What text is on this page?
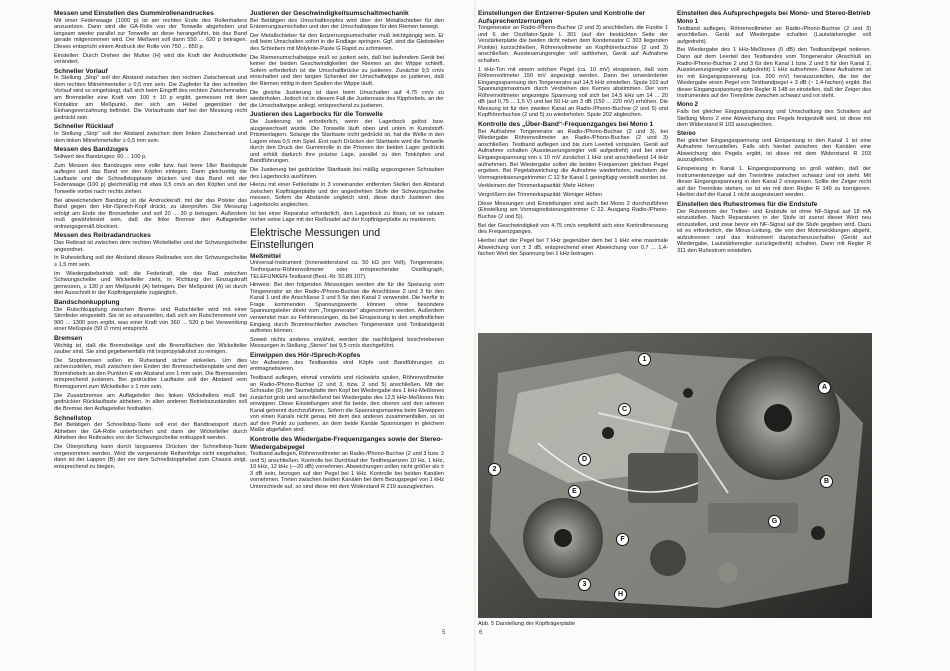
Messen und Einstellen des Gummirollenandruckes

Mit einer Federwaage (1000 p) ist am rechten Ende des Rollenhalters anzusetzen. Dann wird die GA-Rolle von der Tonwelle abgehoben und langsam wieder parallel zur Tonwelle an diese herangeführt, bis das Band gerade mitgenommen wird. Der Meßwert soll dann 550 ... 620 p betragen. Dieses entspricht einem Andruck der Rolle von 750 ... 850 p.

Einstellen: Durch Drehen der Mutter (H) wird die Kraft der Andruckfeder verändert.

Schneller Vorlauf

In Stellung „Stop“ soll der Abstand zwischen den rechten Zwischenrad und dem rechten Mitnehmerteller ≥ 0,5 mm sein. Die Zugfeder für den schnellen Vorlauf wird so eingehängt, daß sich beim Eingriff des rechten Zwischenrades am Bremsteller eine Kraft von 100 ± 10 p ergibt, gemessen mit dem Kontaktor am Meßpunkt, der sich am Hebel gegenüber der Einhangeverzahnung befindet. Die Vorlaufraste darf bei der Messung nicht gedrückt sein.

Schneller Rücklauf

In Stellung „Stop“ soll der Abstand zwischen dem linken Zwischenrad und dem linken Mitnehmerteller ≥ 0,5 mm sein.

Messen des Bandzuges

Sollwert des Bandzuges: 60 ... 100 p.

Zum Messen des Bandzuges eine volle bzw. fast leere 18er Bandspule auflegen und das Band vor den Köpfen einlegen. Dann gleichzeitig die Lauftaste und die Schnellstopptaste drücken und das Band mit der Federwaage (100 p) gleichmäßig mit etwa 9,5 cm/s an den Köpfen und der Tonwelle vorbei nach rechts ziehen.

Bei abweichendem Bandzug ist die Andruckkraft, mit der das Polster das Band gegen den Hör-/Sprech-Kopf drückt, zu überprüfen. Die Messung erfolgt am Ende der Bronzefeder und soll 20 ... 30 p betragen. Außerdem muß gewährleistet sein, daß die linke Bremse den Auflageteller ordnungsgemäß blockiert.

Messen des Reibradandruckes

Das Reibrad ist zwischen dem rechten Wickelteller und der Schwungscheibe angeordnet.

In Ruhestellung soll der Abstand dieses Reibrades von der Schwungscheibe ≥ 1,5 mm sein.

Im Wiedergabebetrieb soll die Federkraft, die das Rad zwischen Schwungscheibe und Wickelteller zieht, in Richtung der Einzugskraft gemessen, ≥ 130 p am Meßpunkt (A) betragen. Der Meßpunkt (A) ist durch den Ausschnitt in der Kopfträgerplatte zugänglich.

Bandschonkupplung

Die Rutschkupplung zwischen Brems- und Rutschteller wird mit einer Stirnfeder eingestellt. Sie ist so einzustellen, daß sich ein Rutschmoment von 900 ... 1300 pcm ergibt, was einer Kraft von 360 ... 520 p bei Verwendung einer Meßspule (50 ∅ mm) entspricht.

Bremsen

Wichtig ist, daß die Bremsbeläge und die Bremsflächen der Wickelteller sauber sind. Sie sind gegebenenfalls mit Isopropylalkohol zu reinigen.

Die Stopbremsen sollen im Ruhestand sicher einkeilen. Um dies sicherzustellen, muß zwischen den Enden der Bremsscheibenplatte und den Bremshebeln an den Punkten E ein Abstand von 1 mm sein. Die Bremsenden entsprechend justieren. Bei gedrückter Lauftaste soll der Abstand vom Bremsgummi zum Wickelteller ≥ 1 mm sein.

Die Zusatzbremse am Auflageteller des linken Wickeltellers muß bei gedrückter Rücklauftaste abheben. In allen anderen Betriebszuständen soll die Bremse den Auflageteller festhalten.

Schnellstop

Bei Betätigen der Schnellstop-Taste soll erst der Bandtransport durch Abheben der GA-Rolle unterbrochen und dann der Wickelteller durch Abheben des Reibrades von der Schwungscheibe entkuppelt werden.

Die Überprüfung kann durch langsames Drücken der Schnellstop-Taste vorgenommen werden. Wird die vorgenannte Reihenfolge nicht eingehalten, dann ist der Lappen (B) der vor dem Schnellstopphebel zum Chassis zeigt, entsprechend zu biegen.

Justieren der Geschwindigkeitsumschaltmechanik

Bei Betätigen des Umschaltknopfes wird über der Metallschieber für den Entzerrungsumschalter und den der Umschaltwippe für den Riemen bewegt.

Der Metallschieber für den Entzerrungsumschalter muß leichtgängig sein. Er soll beim Umschalten sofort in die Endlage springen. Ggf. sind die Gleitstellen des Schiebers mit Molykote-Paste G Rapid zu schmieren.

Die Riemenumschaltwippe muß so justiert sein, daß bei laufendem Gerät bei keiner der beiden Geschwindigkeiten der Riemen an der Wippe schleift. Sofern erforderlich ist die Umschaltbrücke zu justieren. Zunächst 9,5 cm/s einschalten und den langen Schenkel der Umschaltwippe so justieren, daß der Riemen mittig in dem Spalten der Wippe läuft.

Die gleiche Justierung ist dann beim Umschalten auf 4,75 cm/s zu wiederholen. Jedoch ist in diesem Fall die Justiernase des Kipphebels, an der die Umschaltwippe anliegt, entsprechend zu justieren.

Justieren des Lagerbocks für die Tonwelle

Die Justierung ist erforderlich, wenn der Lagerbock gelöst bzw. ausgewechselt wurde. Die Tonwelle läuft oben und unten in Kunststoff-Prismenlagern. Solange die Starttaste nicht gedrückt ist, hat die Welle in den Lagern etwa 0,5 mm Spiel. Erst nach Drücken der Starttaste wird die Tonwelle durch den Druck der Gummirolle in die Prismen der beiden Lager gedrückt und erhält dadurch ihre präzise Lage, parallel zu den Tonköpfen und Bandführungen.

Die Justierung bei gedrückter Starttaste bei mäßig angezogenen Schrauben des Lagerbocks ausführen.

Hierzu mit einer Fehlerlatte in 3 voneinander entfernten Stellen den Abstand zwischen Kopfträgerplatte und der angedrehten Stufe der Schwungscheibe messen. Sofern die Abstände ungleich sind, diese durch Justieren des Lagerbocks angleichen.

Ist bei einer Reparatur erforderlich, den Lagerbock zu lösen, ist es ratsam vorher seine Lage mit der Reißnadel auf der Kopfträgerplatte zu markieren.

Elektrische Messungen und Einstellungen
Meßmittel

Universal-Instrument (Innenwiderstand ca. 50 kΩ pro Volt), Tongenerator, Tonfrequenz-Röhrenvoltmeter oder entsprechender Oszillograph, TELEFUNKEN-Testband (Best.-Nr. 50.89.107).

Hinweis: Bei den folgenden Messungen werden die für die Speisung vom Tongenerator an der Radio-/Phono-Buchse die Anschlüsse 2 und 3 für den Kanal 1 und die Anschlüsse 2 und 5 für den Kanal 2 verwendet. Die hierfür in Frage kommenden Spannungswerte können ohne besondere Spannungsteiler direkt vom „Tongenerator“ abgenommen werden. Außerdem verwendet man zu Fehlmessungen, da bei Einspeisung in den empfindlichen Eingang durch Brummschleifen zwischen Tongenerator und Tonbandgerät auftreten können.

Soweit nichts anderes erwähnt, werden die nachfolgend beschriebenen Messungen in Stellung „Stereo“ bei 9,5 cm/s durchgeführt.

Einwippen des Hör-/Sprech-Kopfes

Vor Aufsetzen des Testbandes sind Köpfe und Bandführungen zu entmagnetisieren.

Testband auflegen, einmal vorwärts und rückwärts spulen, Röhrenvoltmeter an Radio-/Phono-Buchse (2 und 3, bzw. 2 und 5) anschließen. Mit der Schraube (D) der Taumelplatte den Kopf bei Wiedergabe des 1 kHz-Meßtones zunächst grob und anschließend bei Wiedergabe des 12,5 kHz-Meßtones fein einwippen. Diese Einstellungen sind für beide, den oberen und den unteren Kanal getrennt durchzuführen. Sofern die Spannungsmaxima beim Einwippen von einen Kanals nicht genau mit dem des anderen zusammenfallen, so ist auf den Punkt zu justieren, an dem beide Kanäle Spannungen in gleichem Maße abgefallen sind.

Kontrolle des Wiedergabe-Frequenzganges sowie der Stereo-Wiedergabepegel

Testband auflegen, Röhrenvoltmeter an Radio-/Phono-Buchse (2 und 3 bzw. 2 und 5) anschließen. Kontrolle bei Durchlauf der Testfrequenzen 10 Hz, 1 kHz, 10 kHz, 12 kHz (—20 dB) vornehmen. Abweichungen sollen nicht größer als ± 3 dB sein, bezogen auf den Pegel bei 1 kHz. Kontrolle bei beiden Kanälen vornehmen. Treten zwischen beiden Kanälen bei dem Bezugspegel von 1 kHz Unterschiede auf, so sind diese mit dem Widerstand R 219 auszugleichen.

Einstellungen der Entzerrer-Spulen und Kontrolle der Aufsprechentzerrungen

Tongenerator an Radio-/Phono-Buchse (2 und 3) anschließen, die Funkte 1 und 6 der Oszillator-Spule L 301 (auf der bestückten Seite der Verstärkerplatte die beiden dicht neben dem Kondensator C 303 liegenden Punkte) kurzschließen, Röhrenvoltmeter an Kopfhörerbuchse (2 und 3) anschließen. Aussteuerungsregler voll aufdrehen, Gerät auf Aufnahme schalten.

1 kHz-Ton mit einem solchen Pegel (ca. 10 mV) einspeisen, daß vom Röhrenvoltmeter 150 mV angezeigt werden. Dann bei unveränderter Eingangsspannung den Tongenerator auf 14,5 kHz einstellen. Spule 102 auf Spannungsmaximum durch Verdrehen des Kernes abstimmen. Der vom Röhrenvoltmeter angezeigte Spannung soll sich bei 14,5 kHz um 14 ... 20 dB (auf 0,75 ... 1,5 V) und bei 50 Hz um 3 dB (150 ... 220 mV) erhöhen. Die Messung ist für den zweiten Kanal an Radio-/Phono-Buchse (2 und 5) und Kopfhörerbuchse (2 und 5) zu wiederholen. Spule 202 abgleichen.

Kontrolle des „Über-Band“-Frequenzganges bei Mono 1

Bei Aufnahme Tongenerator an Radio-/Phono-Buchse (2 und 3), bei Wiedergabe Röhrenvoltmeter an Radio-/Phono-Buchse (2 und 3) anschließen. Testband auflegen und bis zum Leerteil vorspulen. Gerät auf Aufnahme schalten (Aussteuerungsregler voll aufgedreht) und bei einer Eingangsspannung von ≤ 10 mV zunächst 1 kHz und anschließend 14 kHz aufnehmen. Bei Wiedergabe sollen die beiden Frequenzen gleichen Pegel ergeben. Bei Pegelabweichung die Aufnahme wiederholen, nachdem der Vormagnetisierungstrimmer C 12 für Kanal 1 geringfügig verstellt worden ist.

Verkleinern der Trimmerkapazität: Mehr Höhen

Vergrößern der Trimmerkapazität: Weniger Höhen

Diese Messungen und Einstellungen sind auch bei Mono 2 durchzuführen (Einstellung am Vormagnetisierungstrimmer C 22. Ausgang Radio-/Phono-Buchse (2 und 5)).

Bei der Geschwindigkeit von 4,75 cm/s empfiehlt sich eine Kontrollmessung des Frequenzganges.

Hierbei darf der Pegel bei 7 kHz gegenüber dem bei 1 kHz eine maximale Abweichung von ± 3 dB, entsprechend einer Abweichung von 0,7 ... 1,4-fachen Wert der Spannung bei 1 kHz betragen.

Einstellen des Aufsprechpegels bei Mono- und Stereo-Betrieb
Mono 1

Testband auflegen, Röhrenvoltmeter an Radio-/Phono-Buchse (2 und 3) anschließen. Gerät auf Wiedergabe schalten (Lautstärkeregler voll aufgedreht).

Bei Wiedergabe des 1 kHz-Meßtones (0 dB) den Testbandpegel notieren. Dann auf dem Leerteil des Testbandes vom Tongenerator (Anschluß an Radio-/Phono-Buchse 2 und 3 für den Kanal 1 bzw. 2 und 5 für den Kanal 2, Aussteuerungsregler voll aufgedreht) 1 kHz aufnehmen. Diese Aufnahme ist im mit Eingangsspannung (ca. 200 mV) herauszustellen, die bei der Wiedergabe einen Pegel von Testbandpegel + 3 dB (~ 1,4-fachen) ergibt. Bei dieser Eingangsspannung den Regler R 148 so einstellen, daß der Zeiger des Instrumentes auf der Trennlinie zwischen schwarz und rot steht.

Mono 2

Falls bei gleicher Eingangsspannung und Umschaltung des Schalters auf Stellung Mono 2 eine Abweichung des Pegels festgestellt wird, ist diese mit dem Widerstand R 103 auszugleichen.

Stereo

Bei gleicher Eingangsspannung und Einspeisung in den Kanal 1 ist eine Aufnahme herzustellen. Falls sich hierbei zwischen den Kanälen eine Abweichung des Pegels ergibt, ist diese mit dem Widerstand R 203 auszugleichen.

Einspeisung in Kanal 1. Eingangsspannung so groß wählen, daß der Instrumentenzeiger auf der Trennlinie zwischen schwarz und rot steht. Mit dieser Eingangsspannung in den Kanal 2 einspeisen. Sollte der Zeiger nicht auf der Trennlinie stehen, so ist ein mit dem Regler R 149 zu korrigieren. Hierbei darf der Kanal 1 nicht ausgesteuert werden.

Einstellen des Ruhestromes für die Endstufe

Der Ruhestrom der Treiber- und Endstufe ist ohne NF-Signal auf 18 mA einzustellen. Nach Reparaturen in der Stufe ist zuerst dieser Wert neu einzustellen, und zwar bevor ein NF-Signal auf die Stufe gegeben wird. Dazu ist es erforderlich, die Minus-Leitung, die von den Motorwicklungen abgeht, aufzutrennen und das Instrument dazwischenzuschalten (Gerät auf Wiedergabe, Lautstärkeregler zurückgedreht) schalten. Dann mit Regler R 311 den Ruhestrom einstellen.

A
B
C
D
E
F
G
H
1
2
3
Abb. 5 Darstellung der Kopfträgerplatte
5	6
